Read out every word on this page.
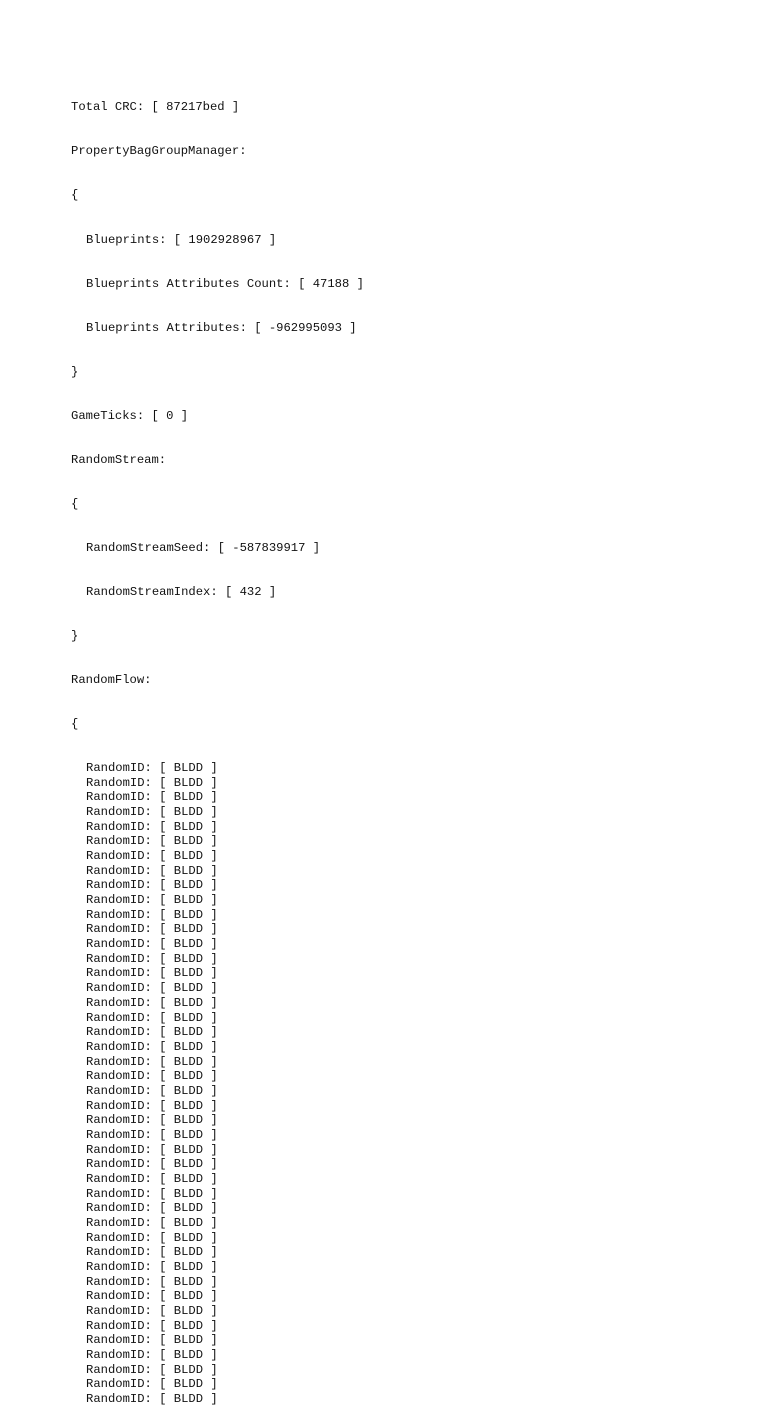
Total CRC: [ 87217bed ]

PropertyBagGroupManager:

{

Blueprints: [ 1902928967 ]

Blueprints Attributes Count: [ 47188 ]

Blueprints Attributes: [ -962995093 ]

}

GameTicks: [ 0 ]

RandomStream:

{

RandomStreamSeed: [ -587839917 ]

RandomStreamIndex: [ 432 ]

}

RandomFlow:

{

RandomID: [ BLDD ]
RandomID: [ BLDD ]
RandomID: [ BLDD ]
RandomID: [ BLDD ]
RandomID: [ BLDD ]
RandomID: [ BLDD ]
RandomID: [ BLDD ]
RandomID: [ BLDD ]
RandomID: [ BLDD ]
RandomID: [ BLDD ]
RandomID: [ BLDD ]
RandomID: [ BLDD ]
RandomID: [ BLDD ]
RandomID: [ BLDD ]
RandomID: [ BLDD ]
RandomID: [ BLDD ]
RandomID: [ BLDD ]
RandomID: [ BLDD ]
RandomID: [ BLDD ]
RandomID: [ BLDD ]
RandomID: [ BLDD ]
RandomID: [ BLDD ]
RandomID: [ BLDD ]
RandomID: [ BLDD ]
RandomID: [ BLDD ]
RandomID: [ BLDD ]
RandomID: [ BLDD ]
RandomID: [ BLDD ]
RandomID: [ BLDD ]
RandomID: [ BLDD ]
RandomID: [ BLDD ]
RandomID: [ BLDD ]
RandomID: [ BLDD ]
RandomID: [ BLDD ]
RandomID: [ BLDD ]
RandomID: [ BLDD ]
RandomID: [ BLDD ]
RandomID: [ BLDD ]
RandomID: [ BLDD ]
RandomID: [ BLDD ]
RandomID: [ BLDD ]
RandomID: [ BLDD ]
RandomID: [ BLDD ]
RandomID: [ BLDD ]
